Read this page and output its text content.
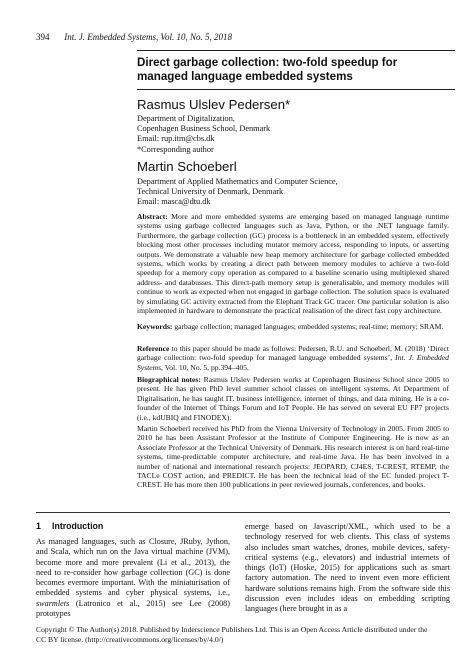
394 Int. J. Embedded Systems, Vol. 10, No. 5, 2018

Direct garbage collection: two-fold speedup for

managed language embedded systems

Rasmus Ulslev Pedersen*
Department of Digitalization,
Copenhagen Business School, Denmark
Email: rup.itm@cbs.dk
*Corresponding author
Martin Schoeberl
Department of Applied Mathematics and Computer Science,
Technical University of Denmark, Denmark
Email: masca@dtu.dk

Abstract: More and more embedded systems are emerging based on managed language runtime systems using garbage collected languages such as Java, Python, or the .NET language family. Furthermore, the garbage collection (GC) process is a bottleneck in an embedded system, effectively blocking most other processes including mutator memory access, responding to inputs, or asserting outputs. We demonstrate a valuable new heap memory architecture for garbage collected embedded systems, which works by creating a direct path between memory modules to achieve a two-fold speedup for a memory copy operation as compared to a baseline scenario using multiplexed shared address- and databusses. This direct-path memory setup is generalisable, and memory modules will continue to work as expected when not engaged in garbage collection. The solution space is evaluated by simulating GC activity extracted from the Elephant Track GC tracer. One particular solution is also implemented in hardware to demonstrate the practical realisation of the direct fast copy architecture.

Keywords: garbage collection; managed languages; embedded systems; real-time; memory; SRAM.

Reference to this paper should be made as follows: Pedersen, R.U. and Schoeberl, M. (2018) ‘Direct garbage collection: two-fold speedup for managed language embedded systems’, Int. J. Embedded Systems, Vol. 10, No. 5, pp.394–405.

Biographical notes: Rasmus Ulslev Pedersen works at Copenhagen Business School since 2005 to present. He has given PhD level summer school classes on intelligent systems. At Department of Digitalisation, he has taught IT, business intelligence, internet of things, and data mining. He is a co-founder of the Internet of Things Forum and IoT People. He has served on several EU FP7 projects (i.e., kdUBIQ and FINODEX).

Martin Schoeberl received his PhD from the Vienna University of Technology in 2005. From 2005 to 2010 he has been Assistant Professor at the Institute of Computer Engineering. He is now as an Associate Professor at the Technical University of Denmark. His research interest is on hard real-time systems, time-predictable computer architecture, and real-time Java. He has been involved in a number of national and international research projects: JEOPARD, CJ4ES, T-CREST, RTEMP, the TACLe COST action, and PREDICT. He has been the technical lead of the EC funded project T-CREST. He has more then 100 publications in peer reviewed journals, conferences, and books.

1 Introduction
As managed languages, such as Closure, JRuby, Jython, and Scala, which run on the Java virtual machine (JVM), become more and more prevalent (Li et al., 2013), the need to re-consider how garbage collection (GC) is done becomes evermore important. With the miniaturisation of embedded systems and cyber physical systems, i.e., swarmlets (Latronico et al., 2015) see Lee (2008) prototypes
emerge based on Javascript/XML, which used to be a technology reserved for web clients. This class of systems also includes smart watches, drones, mobile devices, safety-critical systems (e.g., elevators) and industrial internets of things (IoT) (Hoske, 2015) for applications such as smart factory automation. The need to invent even more efficient hardware solutions remains high. From the software side this discussion even includes ideas on embedding scripting languages (here brought in as a
Copyright © The Author(s) 2018. Published by Inderscience Publishers Ltd. This is an Open Access Article distributed under the
CC BY license. (http://creativecommons.org/licenses/by/4.0/)
